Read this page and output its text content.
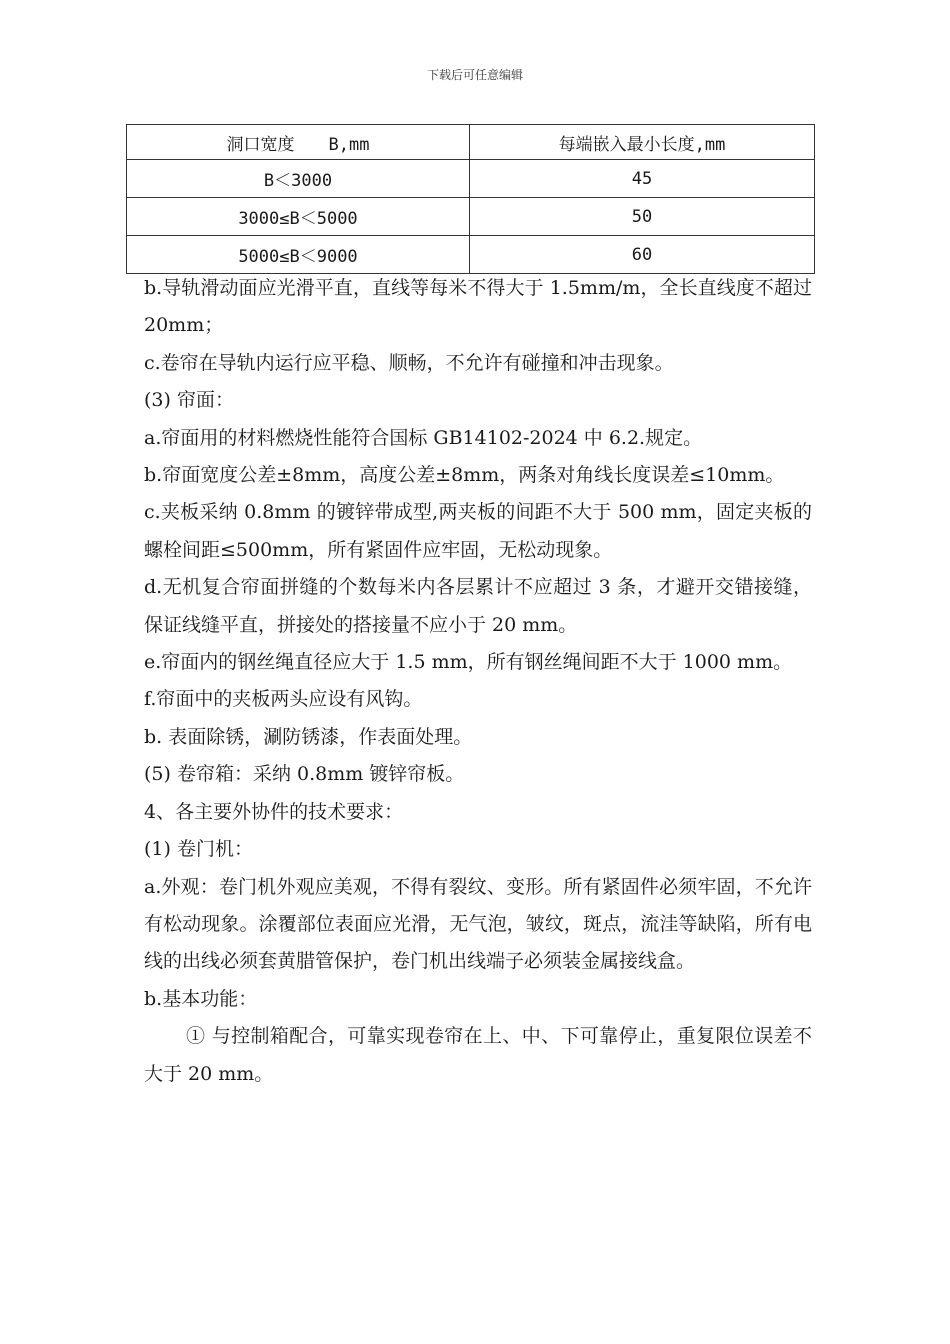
下载后可任意编辑
洞口宽度　　B,mm	每端嵌入最小长度,mm
B＜3000	45
3000≤B＜5000	50
5000≤B＜9000	60

b.导轨滑动面应光滑平直，直线等每米不得大于 1.5mm/m，全长直线度不超过 20mm；

c.卷帘在导轨内运行应平稳、顺畅，不允许有碰撞和冲击现象。

(3) 帘面：

a.帘面用的材料燃烧性能符合国标 GB14102-2024 中 6.2.规定。

b.帘面宽度公差±8mm，高度公差±8mm，两条对角线长度误差≤10mm。

c.夹板采纳 0.8mm 的镀锌带成型,两夹板的间距不大于 500 mm，固定夹板的螺栓间距≤500mm，所有紧固件应牢固，无松动现象。

d.无机复合帘面拼缝的个数每米内各层累计不应超过 3 条，才避开交错接缝，保证线缝平直，拼接处的搭接量不应小于 20 mm。

e.帘面内的钢丝绳直径应大于 1.5 mm，所有钢丝绳间距不大于 1000 mm。

f.帘面中的夹板两头应设有风钩。

b. 表面除锈，涮防锈漆，作表面处理。

(5) 卷帘箱：采纳 0.8mm 镀锌帘板。

4、各主要外协件的技术要求：

(1) 卷门机：

a.外观：卷门机外观应美观，不得有裂纹、变形。所有紧固件必须牢固，不允许有松动现象。涂覆部位表面应光滑，无气泡，皱纹，斑点，流洼等缺陷，所有电线的出线必须套黄腊管保护，卷门机出线端子必须装金属接线盒。

b.基本功能：

① 与控制箱配合，可靠实现卷帘在上、中、下可靠停止，重复限位误差不大于 20 mm。
